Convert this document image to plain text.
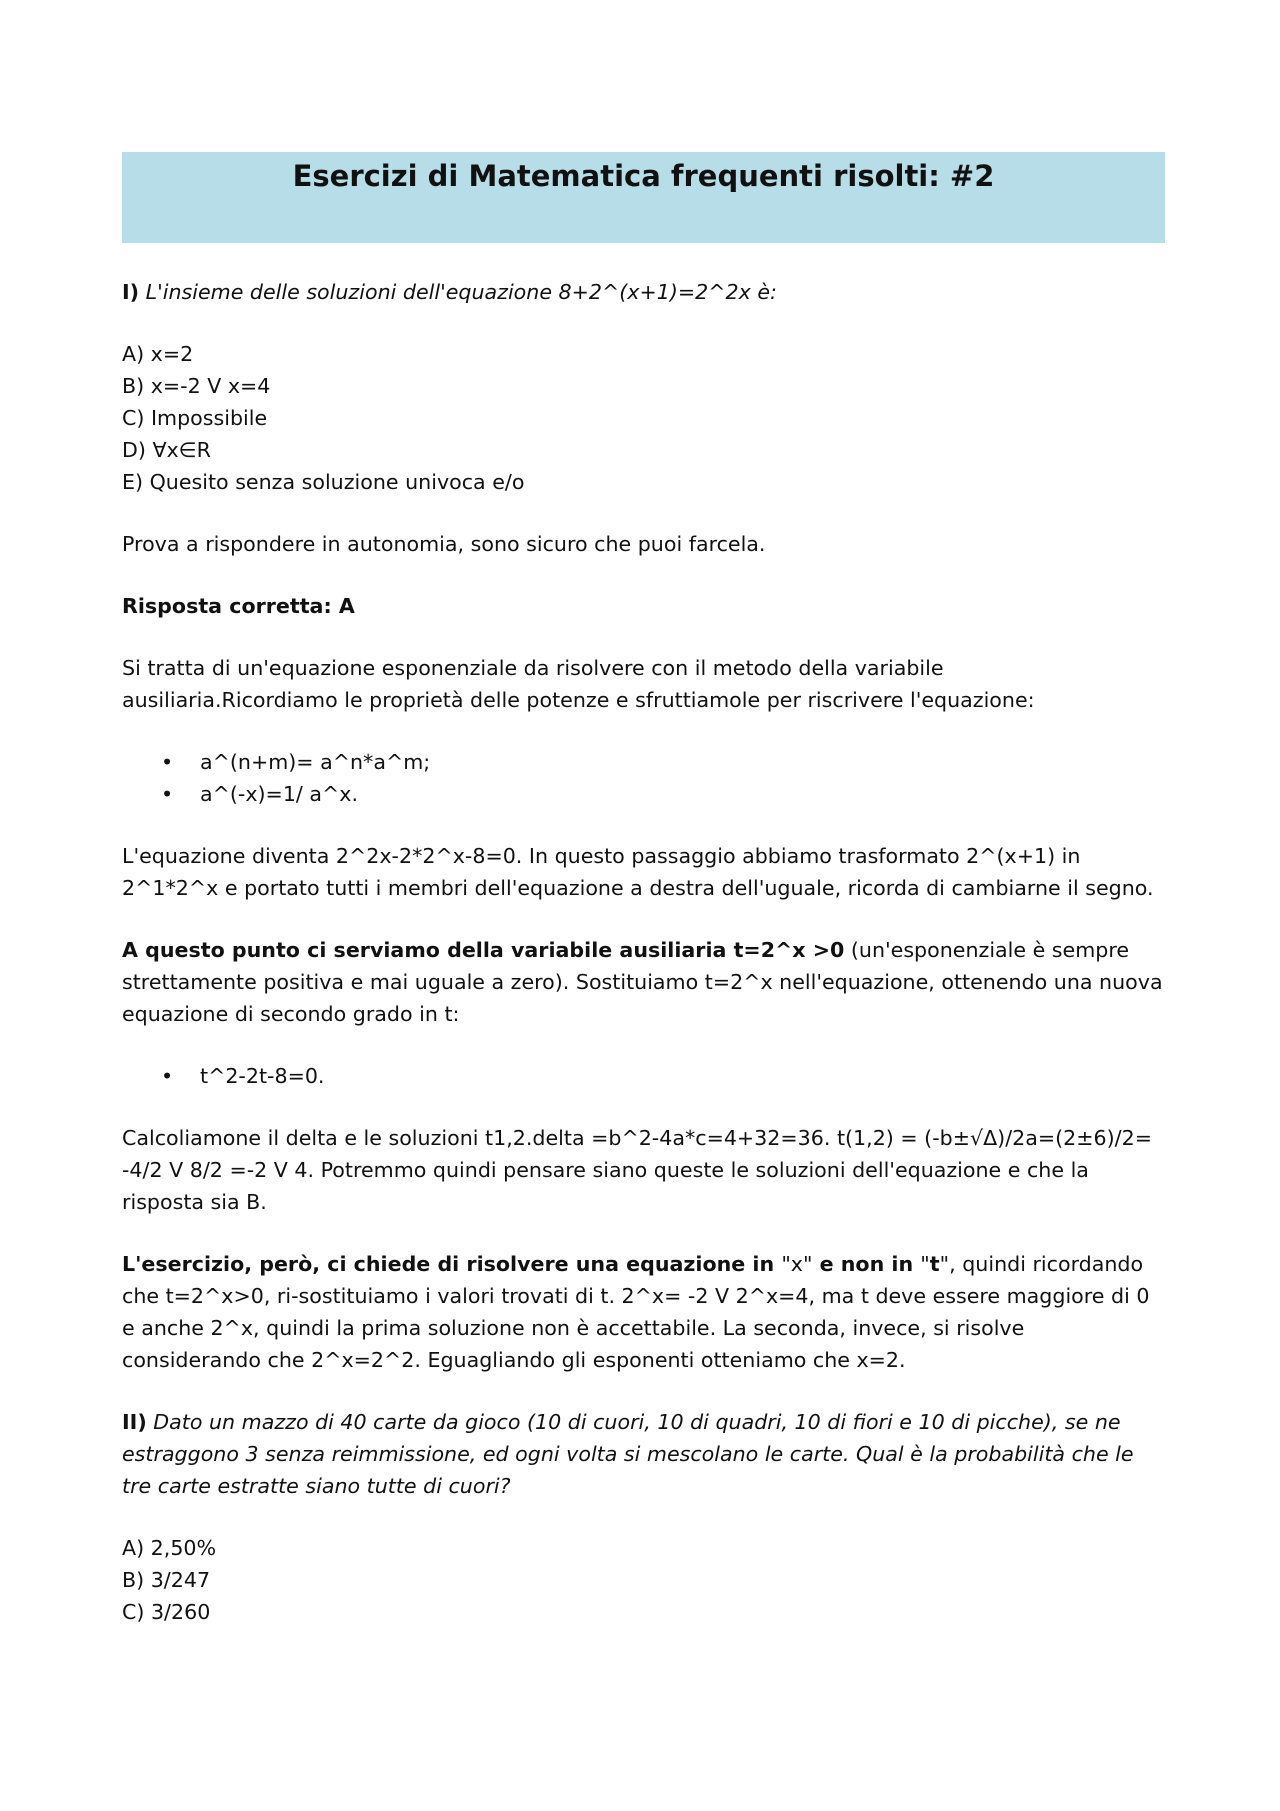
Esercizi di Matematica frequenti risolti: #2

I) L'insieme delle soluzioni dell'equazione 8+2^(x+1)=2^2x è:

A) x=2
B) x=-2 V x=4
C) Impossibile
D) ∀x∈R
E) Quesito senza soluzione univoca e/o

Prova a rispondere in autonomia, sono sicuro che puoi farcela.

Risposta corretta: A

Si tratta di un'equazione esponenziale da risolvere con il metodo della variabile ausiliaria.Ricordiamo le proprietà delle potenze e sfruttiamole per riscrivere l'equazione:

• a^(n+m)= a^n*a^m;
• a^(-x)=1/ a^x.

L'equazione diventa 2^2x-2*2^x-8=0. In questo passaggio abbiamo trasformato 2^(x+1) in 2^1*2^x e portato tutti i membri dell'equazione a destra dell'uguale, ricorda di cambiarne il segno.

A questo punto ci serviamo della variabile ausiliaria t=2^x >0 (un'esponenziale è sempre strettamente positiva e mai uguale a zero). Sostituiamo t=2^x nell'equazione, ottenendo una nuova equazione di secondo grado in t:

• t^2-2t-8=0.

Calcoliamone il delta e le soluzioni t1,2.delta =b^2-4a*c=4+32=36. t(1,2) = (-b±√Δ)/2a=(2±6)/2= -4/2 V 8/2 =-2 V 4. Potremmo quindi pensare siano queste le soluzioni dell'equazione e che la risposta sia B.

L'esercizio, però, ci chiede di risolvere una equazione in "x" e non in "t", quindi ricordando che t=2^x>0, ri-sostituiamo i valori trovati di t. 2^x= -2 V 2^x=4, ma t deve essere maggiore di 0 e anche 2^x, quindi la prima soluzione non è accettabile. La seconda, invece, si risolve considerando che 2^x=2^2. Eguagliando gli esponenti otteniamo che x=2.

II) Dato un mazzo di 40 carte da gioco (10 di cuori, 10 di quadri, 10 di fiori e 10 di picche), se ne estraggono 3 senza reimmissione, ed ogni volta si mescolano le carte. Qual è la probabilità che le tre carte estratte siano tutte di cuori?

A) 2,50%
B) 3/247
C) 3/260
